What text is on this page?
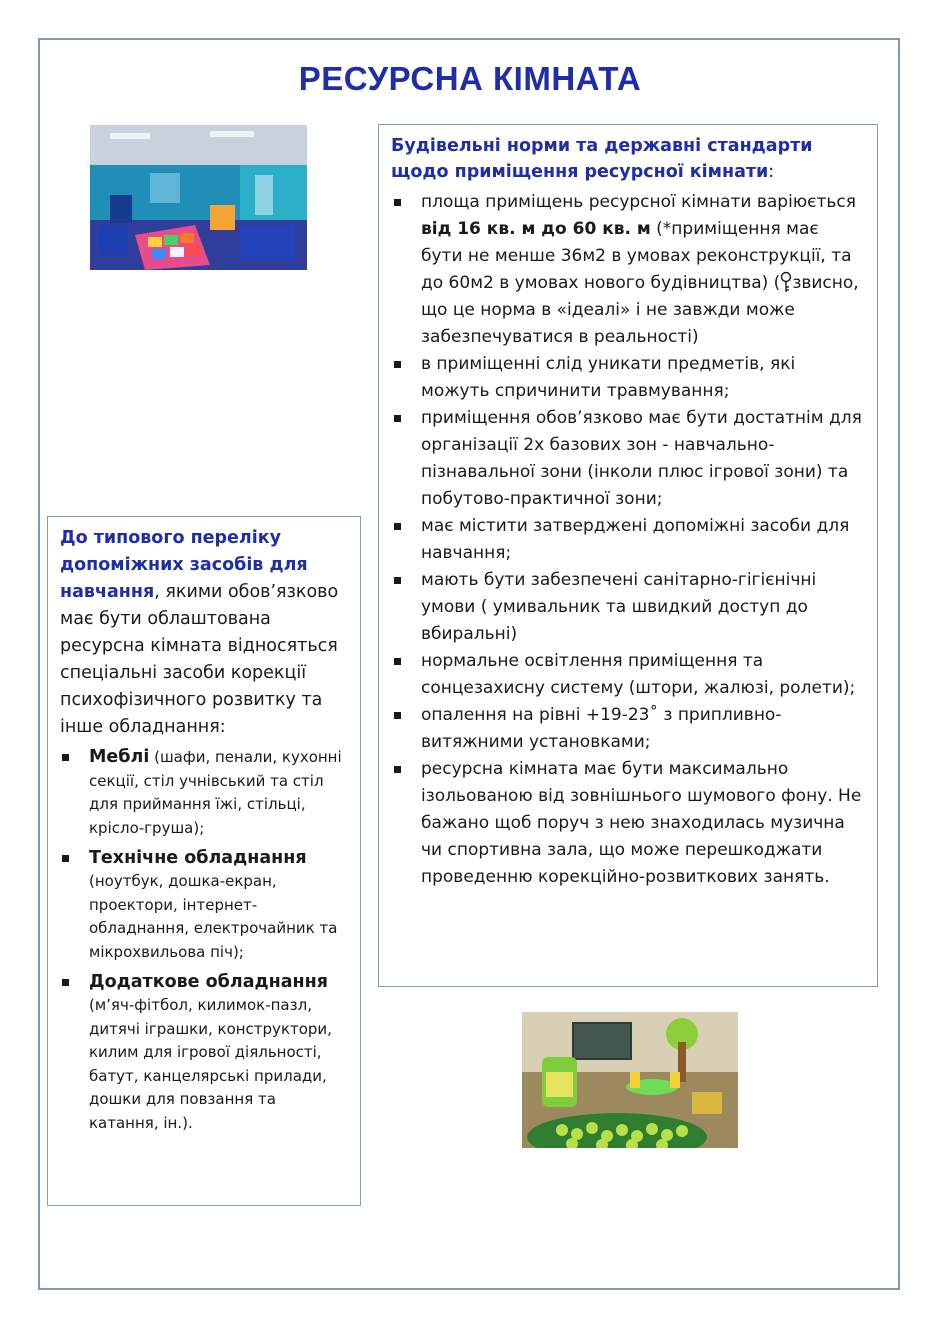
РЕСУРСНА КІМНАТА
Будівельні норми та державні стандарти щодо приміщення ресурсної кімнати:
площа приміщень ресурсної кімнати варіюється від 16 кв. м до 60 кв. м (*приміщення має бути не менше 36м2 в умовах реконструкції, та до 60м2 в умовах нового будівництва) ( звисно, що це норма в «ідеалі» і не завжди може забезпечуватися в реальності)
в приміщенні слід уникати предметів, які можуть спричинити травмування;
приміщення обов’язково має бути достатнім для організації 2х базових зон - навчально-пізнавальної зони (інколи плюс ігрової зони) та побутово-практичної зони;
має містити затверджені допоміжні засоби для навчання;
мають бути забезпечені санітарно-гігієнічні умови ( умивальник та швидкий доступ до вбиральні)
нормальне освітлення приміщення та сонцезахисну систему (штори, жалюзі, ролети);
опалення на рівні +19-23˚ з припливно-витяжними установками;
ресурсна кімната має бути максимально ізольованою від зовнішнього шумового фону. Не бажано щоб поруч з нею знаходилась музична чи спортивна зала, що може перешкоджати проведенню корекційно-розвиткових занять.
До типового переліку допоміжних засобів для навчання, якими обов’язково має бути облаштована ресурсна кімната відносяться спеціальні засоби корекції психофізичного розвитку та інше обладнання:
Меблі (шафи, пенали, кухонні секції, стіл учнівський та стіл для приймання їжі, стільці, крісло-груша);
Технічне обладнання
(ноутбук, дошка-екран, проектори, інтернет-обладнання, електрочайник та мікрохвильова піч);
Додаткове обладнання
(м’яч-фітбол, килимок-пазл, дитячі іграшки, конструктори, килим для ігрової діяльності, батут, канцелярські прилади, дошки для повзання та катання, ін.).
